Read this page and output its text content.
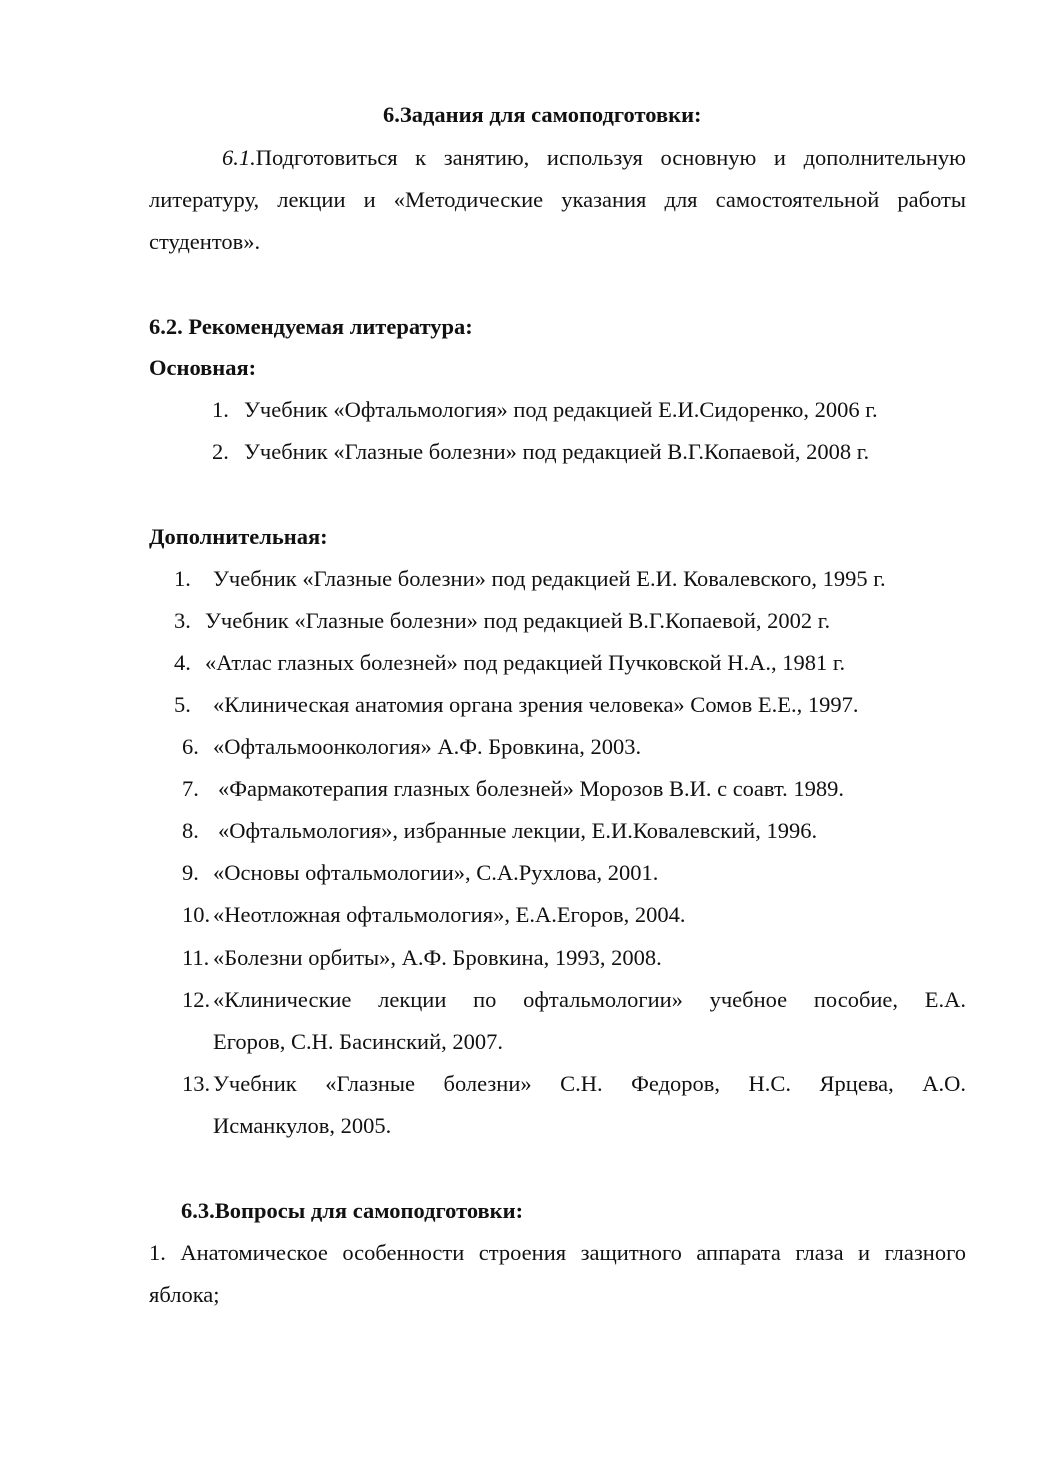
6.Задания для самоподготовки:
6.1.Подготовиться к занятию, используя основную и дополнительную
литературу, лекции и «Методические указания для самостоятельной работы
студентов».
6.2. Рекомендуемая литература:
Основная:
1. Учебник «Офтальмология» под редакцией Е.И.Сидоренко, 2006 г.
2. Учебник «Глазные болезни» под редакцией В.Г.Копаевой, 2008 г.
Дополнительная:
1. Учебник «Глазные болезни» под редакцией Е.И. Ковалевского, 1995 г.
3. Учебник «Глазные болезни» под редакцией В.Г.Копаевой, 2002 г.
4. «Атлас глазных болезней» под редакцией Пучковской Н.А., 1981 г.
5. «Клиническая анатомия органа зрения человека» Сомов Е.Е., 1997.
6. «Офтальмоонкология» А.Ф. Бровкина, 2003.
7. «Фармакотерапия глазных болезней» Морозов В.И. с соавт. 1989.
8. «Офтальмология», избранные лекции, Е.И.Ковалевский, 1996.
9. «Основы офтальмологии», С.А.Рухлова, 2001.
10. «Неотложная офтальмология», Е.А.Егоров, 2004.
11. «Болезни орбиты», А.Ф. Бровкина, 1993, 2008.
12. «Клинические лекции по офтальмологии» учебное пособие, Е.А.
Егоров, С.Н. Басинский, 2007.
13. Учебник «Глазные болезни» С.Н. Федоров, Н.С. Ярцева, А.О.
Исманкулов, 2005.
6.3.Вопросы для самоподготовки:
1. Анатомическое особенности строения защитного аппарата глаза и глазного
яблока;
